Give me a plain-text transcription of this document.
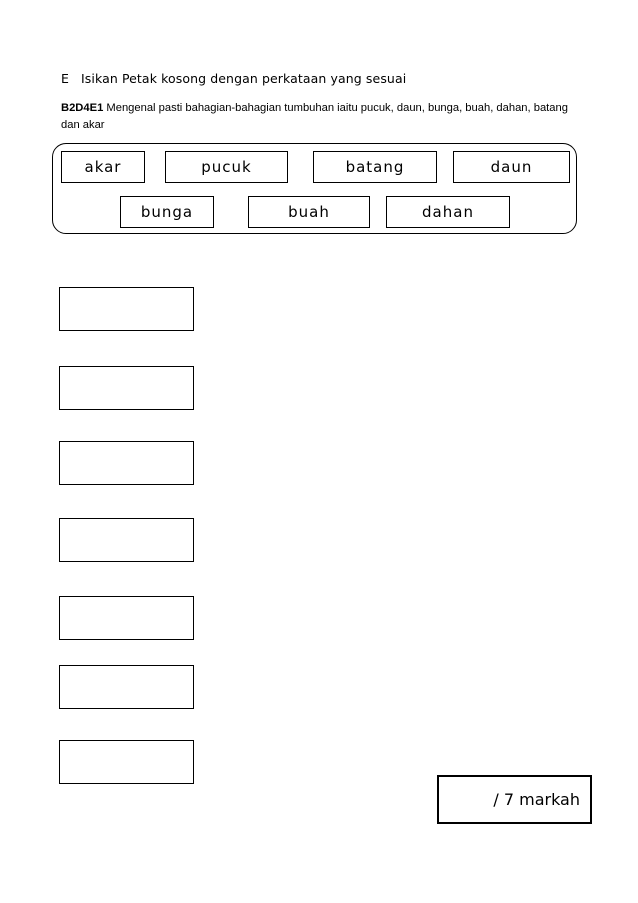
E Isikan Petak kosong dengan perkataan yang sesuai
B2D4E1 Mengenal pasti bahagian-bahagian tumbuhan iaitu pucuk, daun, bunga, buah, dahan, batang dan akar
akar	pucuk	batang	daun
bunga	buah	dahan
/ 7 markah
